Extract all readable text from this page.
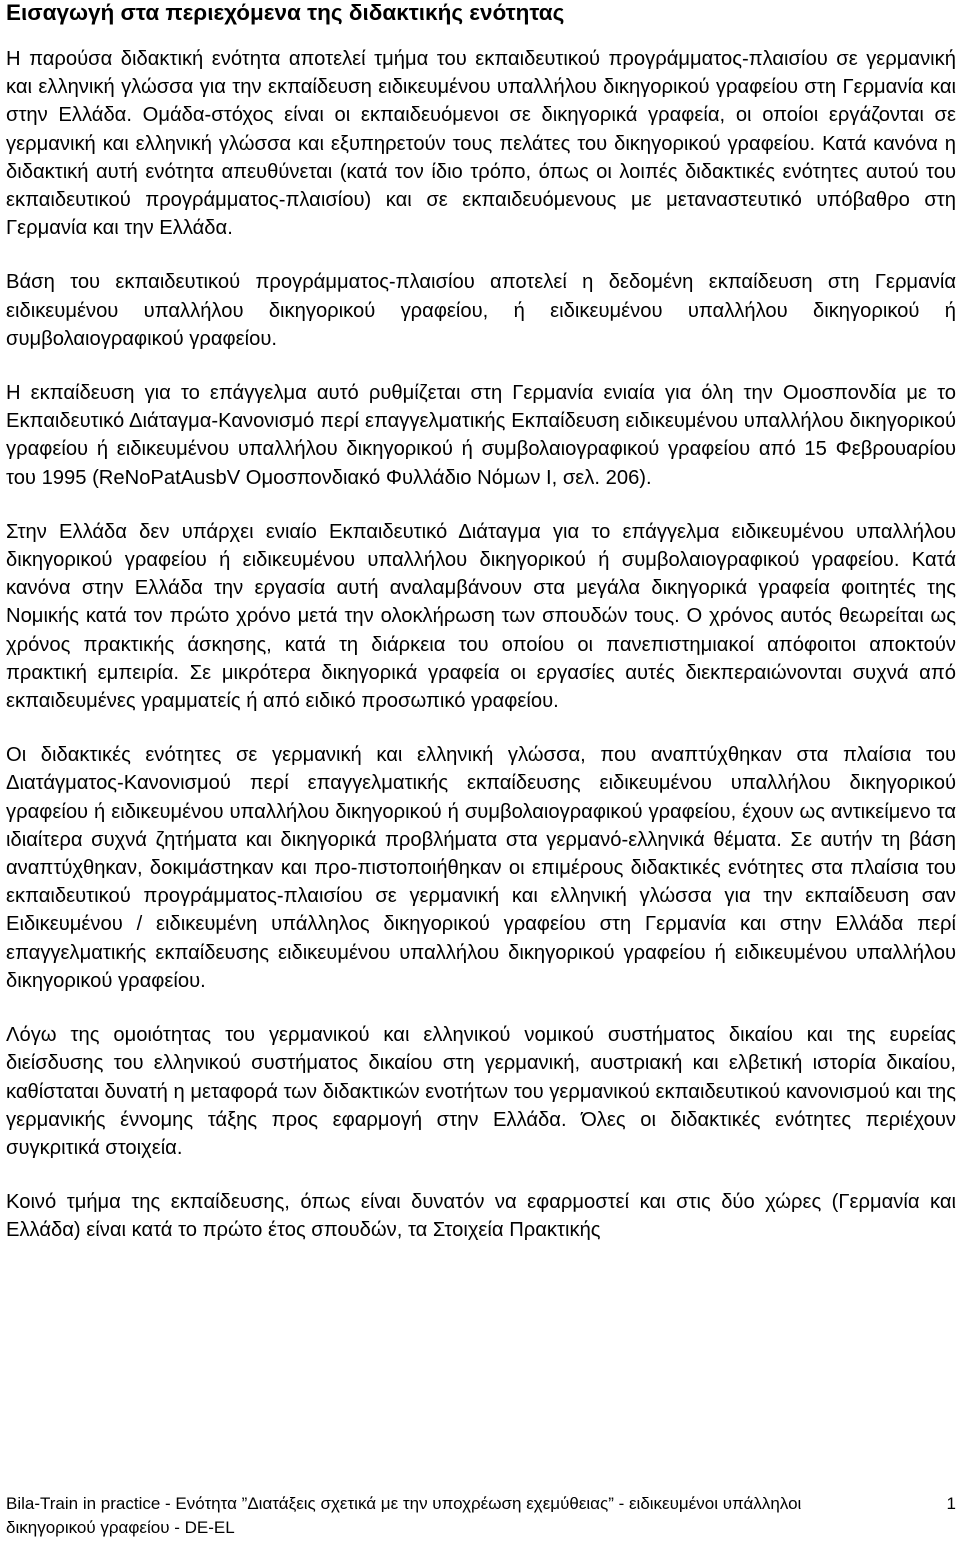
Εισαγωγή στα περιεχόμενα της διδακτικής ενότητας

Η παρούσα διδακτική ενότητα αποτελεί τμήμα του εκπαιδευτικού προγράμματος-πλαισίου σε γερμανική και ελληνική γλώσσα για την εκπαίδευση ειδικευμένου υπαλλήλου δικηγορικού γραφείου στη Γερμανία και στην Ελλάδα. Ομάδα-στόχος είναι οι εκπαιδευόμενοι σε δικηγορικά γραφεία, οι οποίοι εργάζονται σε γερμανική και ελληνική γλώσσα και εξυπηρετούν τους πελάτες του δικηγορικού γραφείου. Κατά κανόνα η διδακτική αυτή ενότητα απευθύνεται (κατά τον ίδιο τρόπο, όπως οι λοιπές διδακτικές ενότητες αυτού του εκπαιδευτικού προγράμματος-πλαισίου) και σε εκπαιδευόμενους με μεταναστευτικό υπόβαθρο στη Γερμανία και την Ελλάδα.

Βάση του εκπαιδευτικού προγράμματος-πλαισίου αποτελεί η δεδομένη εκπαίδευση στη Γερμανία ειδικευμένου υπαλλήλου δικηγορικού γραφείου, ή ειδικευμένου υπαλλήλου δικηγορικού ή συμβολαιογραφικού γραφείου.

Η εκπαίδευση για το επάγγελμα αυτό ρυθμίζεται στη Γερμανία ενιαία για όλη την Ομοσπονδία με το Εκπαιδευτικό Διάταγμα-Κανονισμό περί επαγγελματικής Εκπαίδευση ειδικευμένου υπαλλήλου δικηγορικού γραφείου ή ειδικευμένου υπαλλήλου δικηγορικού ή συμβολαιογραφικού γραφείου από 15 Φεβρουαρίου του 1995 (ReNoPatAusbV Ομοσπονδιακό Φυλλάδιο Νόμων I, σελ. 206).

Στην Ελλάδα δεν υπάρχει ενιαίο Εκπαιδευτικό Διάταγμα για το επάγγελμα ειδικευμένου υπαλλήλου δικηγορικού γραφείου ή ειδικευμένου υπαλλήλου δικηγορικού ή συμβολαιογραφικού γραφείου. Κατά κανόνα στην Ελλάδα την εργασία αυτή αναλαμβάνουν στα μεγάλα δικηγορικά γραφεία φοιτητές της Νομικής κατά τον πρώτο χρόνο μετά την ολοκλήρωση των σπουδών τους. Ο χρόνος αυτός θεωρείται ως χρόνος πρακτικής άσκησης, κατά τη διάρκεια του οποίου οι πανεπιστημιακοί απόφοιτοι αποκτούν πρακτική εμπειρία. Σε μικρότερα δικηγορικά γραφεία οι εργασίες αυτές διεκπεραιώνονται συχνά από εκπαιδευμένες γραμματείς ή από ειδικό προσωπικό γραφείου.

Οι διδακτικές ενότητες σε γερμανική και ελληνική γλώσσα, που αναπτύχθηκαν στα πλαίσια του Διατάγματος-Κανονισμού περί επαγγελματικής εκπαίδευσης ειδικευμένου υπαλλήλου δικηγορικού γραφείου ή ειδικευμένου υπαλλήλου δικηγορικού ή συμβολαιογραφικού γραφείου, έχουν ως αντικείμενο τα ιδιαίτερα συχνά ζητήματα και δικηγορικά προβλήματα στα γερμανό-ελληνικά θέματα. Σε αυτήν τη βάση αναπτύχθηκαν, δοκιμάστηκαν και προ-πιστοποιήθηκαν οι επιμέρους διδακτικές ενότητες στα πλαίσια του εκπαιδευτικού προγράμματος-πλαισίου σε γερμανική και ελληνική γλώσσα για την εκπαίδευση σαν Ειδικευμένου / ειδικευμένη υπάλληλος δικηγορικού γραφείου στη Γερμανία και στην Ελλάδα περί επαγγελματικής εκπαίδευσης ειδικευμένου υπαλλήλου δικηγορικού γραφείου ή ειδικευμένου υπαλλήλου δικηγορικού γραφείου.

Λόγω της ομοιότητας του γερμανικού και ελληνικού νομικού συστήματος δικαίου και της ευρείας διείσδυσης του ελληνικού συστήματος δικαίου στη γερμανική, αυστριακή και ελβετική ιστορία δικαίου, καθίσταται δυνατή η μεταφορά των διδακτικών ενοτήτων του γερμανικού εκπαιδευτικού κανονισμού και της γερμανικής έννομης τάξης προς εφαρμογή στην Ελλάδα. Όλες οι διδακτικές ενότητες περιέχουν συγκριτικά στοιχεία.

Κοινό τμήμα της εκπαίδευσης, όπως είναι δυνατόν να εφαρμοστεί και στις δύο χώρες (Γερμανία και Ελλάδα) είναι κατά το πρώτο έτος σπουδών, τα Στοιχεία Πρακτικής

Bila-Train in practice - Ενότητα ”Διατάξεις σχετικά με την υποχρέωση εχεμύθειας” - ειδικευμένοι υπάλληλοι	1
δικηγορικού γραφείου - DE-EL
